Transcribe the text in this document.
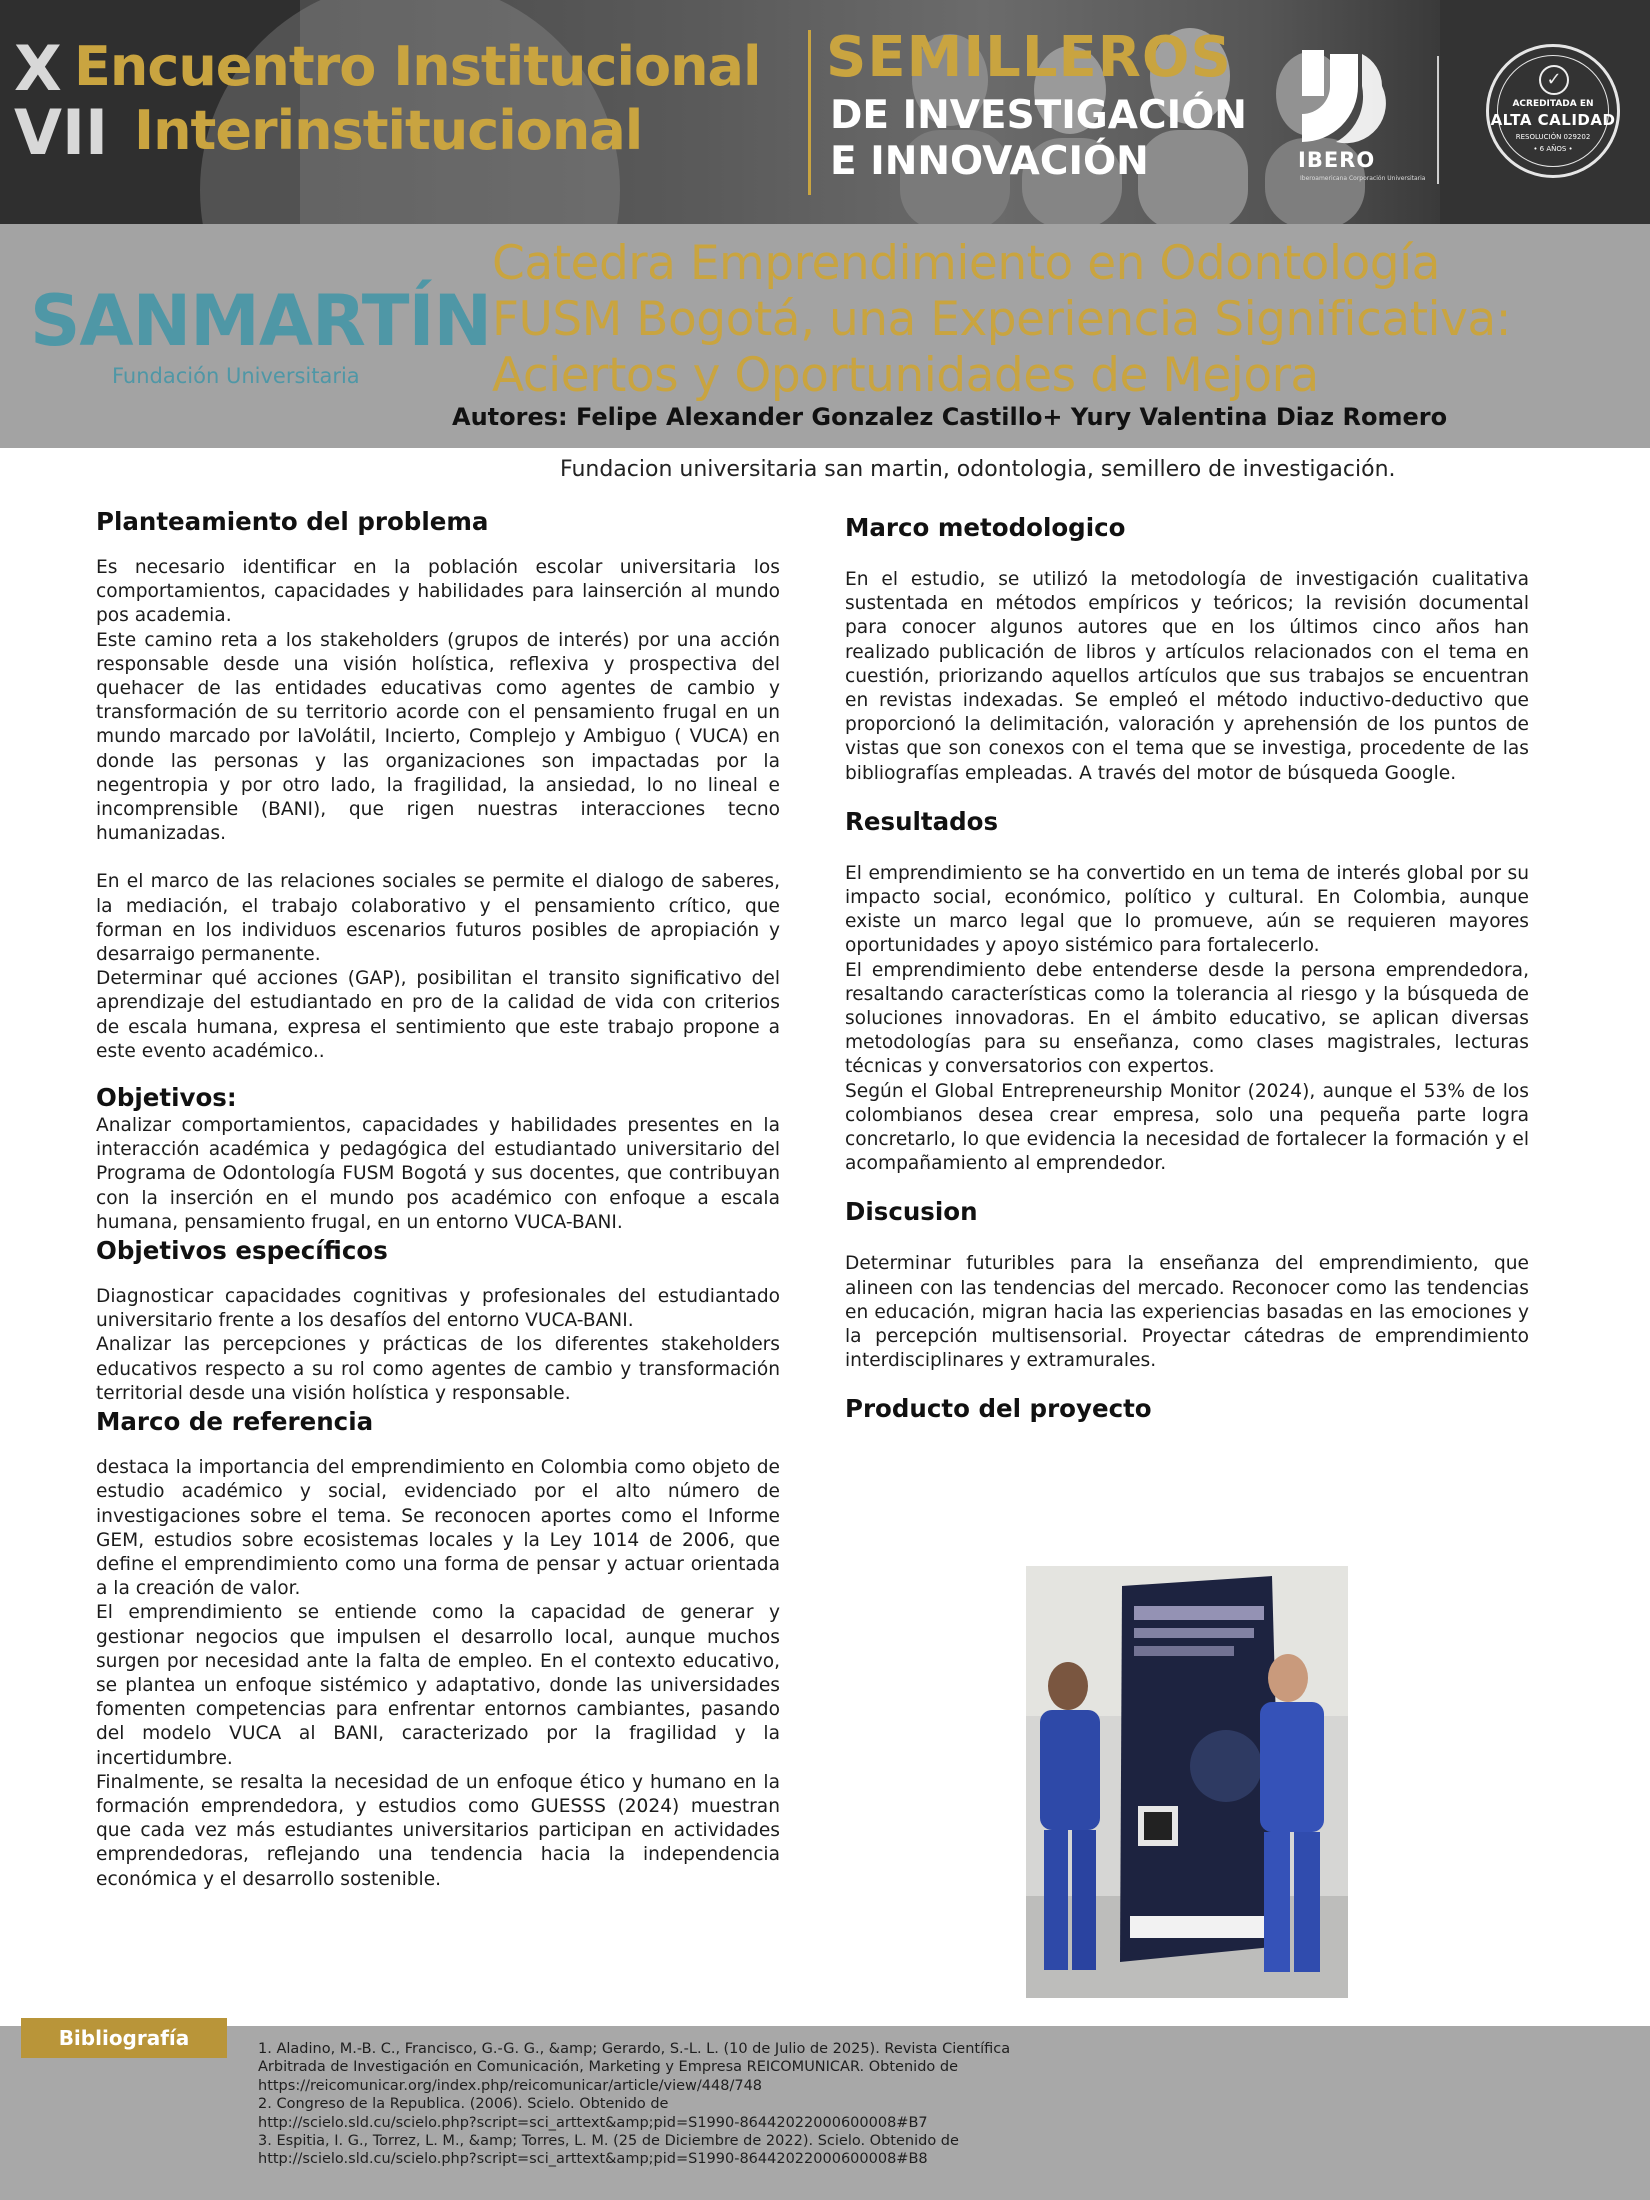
X
VII
Encuentro Institucional
Interinstitucional
SEMILLEROS
DE INVESTIGACIÓN
E INNOVACIÓN	IBERO
Iberoamericana Corporación Universitaria
✓
ACREDITADA EN
ALTA CALIDAD
RESOLUCIÓN 029202
• 6 AÑOS •
SANMARTÍN
Fundación Universitaria
Catedra Emprendimiento en Odontología
FUSM Bogotá, una Experiencia Significativa:
Aciertos y Oportunidades de Mejora
Autores: Felipe Alexander Gonzalez Castillo+ Yury Valentina Diaz Romero
Fundacion universitaria san martin, odontologia, semillero de investigación.
Planteamiento del problema

Es necesario identificar en la población escolar universitaria los comportamientos, capacidades y habilidades para lainserción al mundo pos academia.

Este camino reta a los stakeholders (grupos de interés) por una acción responsable desde una visión holística, reflexiva y prospectiva del quehacer de las entidades educativas como agentes de cambio y transformación de su territorio acorde con el pensamiento frugal en un mundo marcado por laVolátil, Incierto, Complejo y Ambiguo ( VUCA) en donde las personas y las organizaciones son impactadas por la negentropia y por otro lado, la fragilidad, la ansiedad, lo no lineal e incomprensible (BANI), que rigen nuestras interacciones tecno humanizadas.

En el marco de las relaciones sociales se permite el dialogo de saberes, la mediación, el trabajo colaborativo y el pensamiento crítico, que forman en los individuos escenarios futuros posibles de apropiación y desarraigo permanente.

Determinar qué acciones (GAP), posibilitan el transito significativo del aprendizaje del estudiantado en pro de la calidad de vida con criterios de escala humana, expresa el sentimiento que este trabajo propone a este evento académico..

Objetivos:

Analizar comportamientos, capacidades y habilidades presentes en la interacción académica y pedagógica del estudiantado universitario del Programa de Odontología FUSM Bogotá y sus docentes, que contribuyan con la inserción en el mundo pos académico con enfoque a escala humana, pensamiento frugal, en un entorno VUCA-BANI.

Objetivos específicos

Diagnosticar capacidades cognitivas y profesionales del estudiantado universitario frente a los desafíos del entorno VUCA-BANI.

Analizar las percepciones y prácticas de los diferentes stakeholders educativos respecto a su rol como agentes de cambio y transformación territorial desde una visión holística y responsable.

Marco de referencia

destaca la importancia del emprendimiento en Colombia como objeto de estudio académico y social, evidenciado por el alto número de investigaciones sobre el tema. Se reconocen aportes como el Informe GEM, estudios sobre ecosistemas locales y la Ley 1014 de 2006, que define el emprendimiento como una forma de pensar y actuar orientada a la creación de valor.

El emprendimiento se entiende como la capacidad de generar y gestionar negocios que impulsen el desarrollo local, aunque muchos surgen por necesidad ante la falta de empleo. En el contexto educativo, se plantea un enfoque sistémico y adaptativo, donde las universidades fomenten competencias para enfrentar entornos cambiantes, pasando del modelo VUCA al BANI, caracterizado por la fragilidad y la incertidumbre.

Finalmente, se resalta la necesidad de un enfoque ético y humano en la formación emprendedora, y estudios como GUESSS (2024) muestran que cada vez más estudiantes universitarios participan en actividades emprendedoras, reflejando una tendencia hacia la independencia económica y el desarrollo sostenible.

Marco metodologico

En el estudio, se utilizó la metodología de investigación cualitativa sustentada en métodos empíricos y teóricos; la revisión documental para conocer algunos autores que en los últimos cinco años han realizado publicación de libros y artículos relacionados con el tema en cuestión, priorizando aquellos artículos que sus trabajos se encuentran en revistas indexadas. Se empleó el método inductivo-deductivo que proporcionó la delimitación, valoración y aprehensión de los puntos de vistas que son conexos con el tema que se investiga, procedente de las bibliografías empleadas. A través del motor de búsqueda Google.

Resultados

El emprendimiento se ha convertido en un tema de interés global por su impacto social, económico, político y cultural. En Colombia, aunque existe un marco legal que lo promueve, aún se requieren mayores oportunidades y apoyo sistémico para fortalecerlo.

El emprendimiento debe entenderse desde la persona emprendedora, resaltando características como la tolerancia al riesgo y la búsqueda de soluciones innovadoras. En el ámbito educativo, se aplican diversas metodologías para su enseñanza, como clases magistrales, lecturas técnicas y conversatorios con expertos.

Según el Global Entrepreneurship Monitor (2024), aunque el 53% de los colombianos desea crear empresa, solo una pequeña parte logra concretarlo, lo que evidencia la necesidad de fortalecer la formación y el acompañamiento al emprendedor.

Discusion

Determinar futuribles para la enseñanza del emprendimiento, que alineen con las tendencias del mercado. Reconocer como las tendencias en educación, migran hacia las experiencias basadas en las emociones y la percepción multisensorial. Proyectar cátedras de emprendimiento interdisciplinares y extramurales.

Producto del proyecto
Bibliografía	1. Aladino, M.-B. C., Francisco, G.-G. G., &amp; Gerardo, S.-L. L. (10 de Julio de 2025). Revista Científica
Arbitrada de Investigación en Comunicación, Marketing y Empresa REICOMUNICAR. Obtenido de
https://reicomunicar.org/index.php/reicomunicar/article/view/448/748
2. Congreso de la Republica. (2006). Scielo. Obtenido de
http://scielo.sld.cu/scielo.php?script=sci_arttext&amp;pid=S1990-86442022000600008#B7
3. Espitia, I. G., Torrez, L. M., &amp; Torres, L. M. (25 de Diciembre de 2022). Scielo. Obtenido de
http://scielo.sld.cu/scielo.php?script=sci_arttext&amp;pid=S1990-86442022000600008#B8
